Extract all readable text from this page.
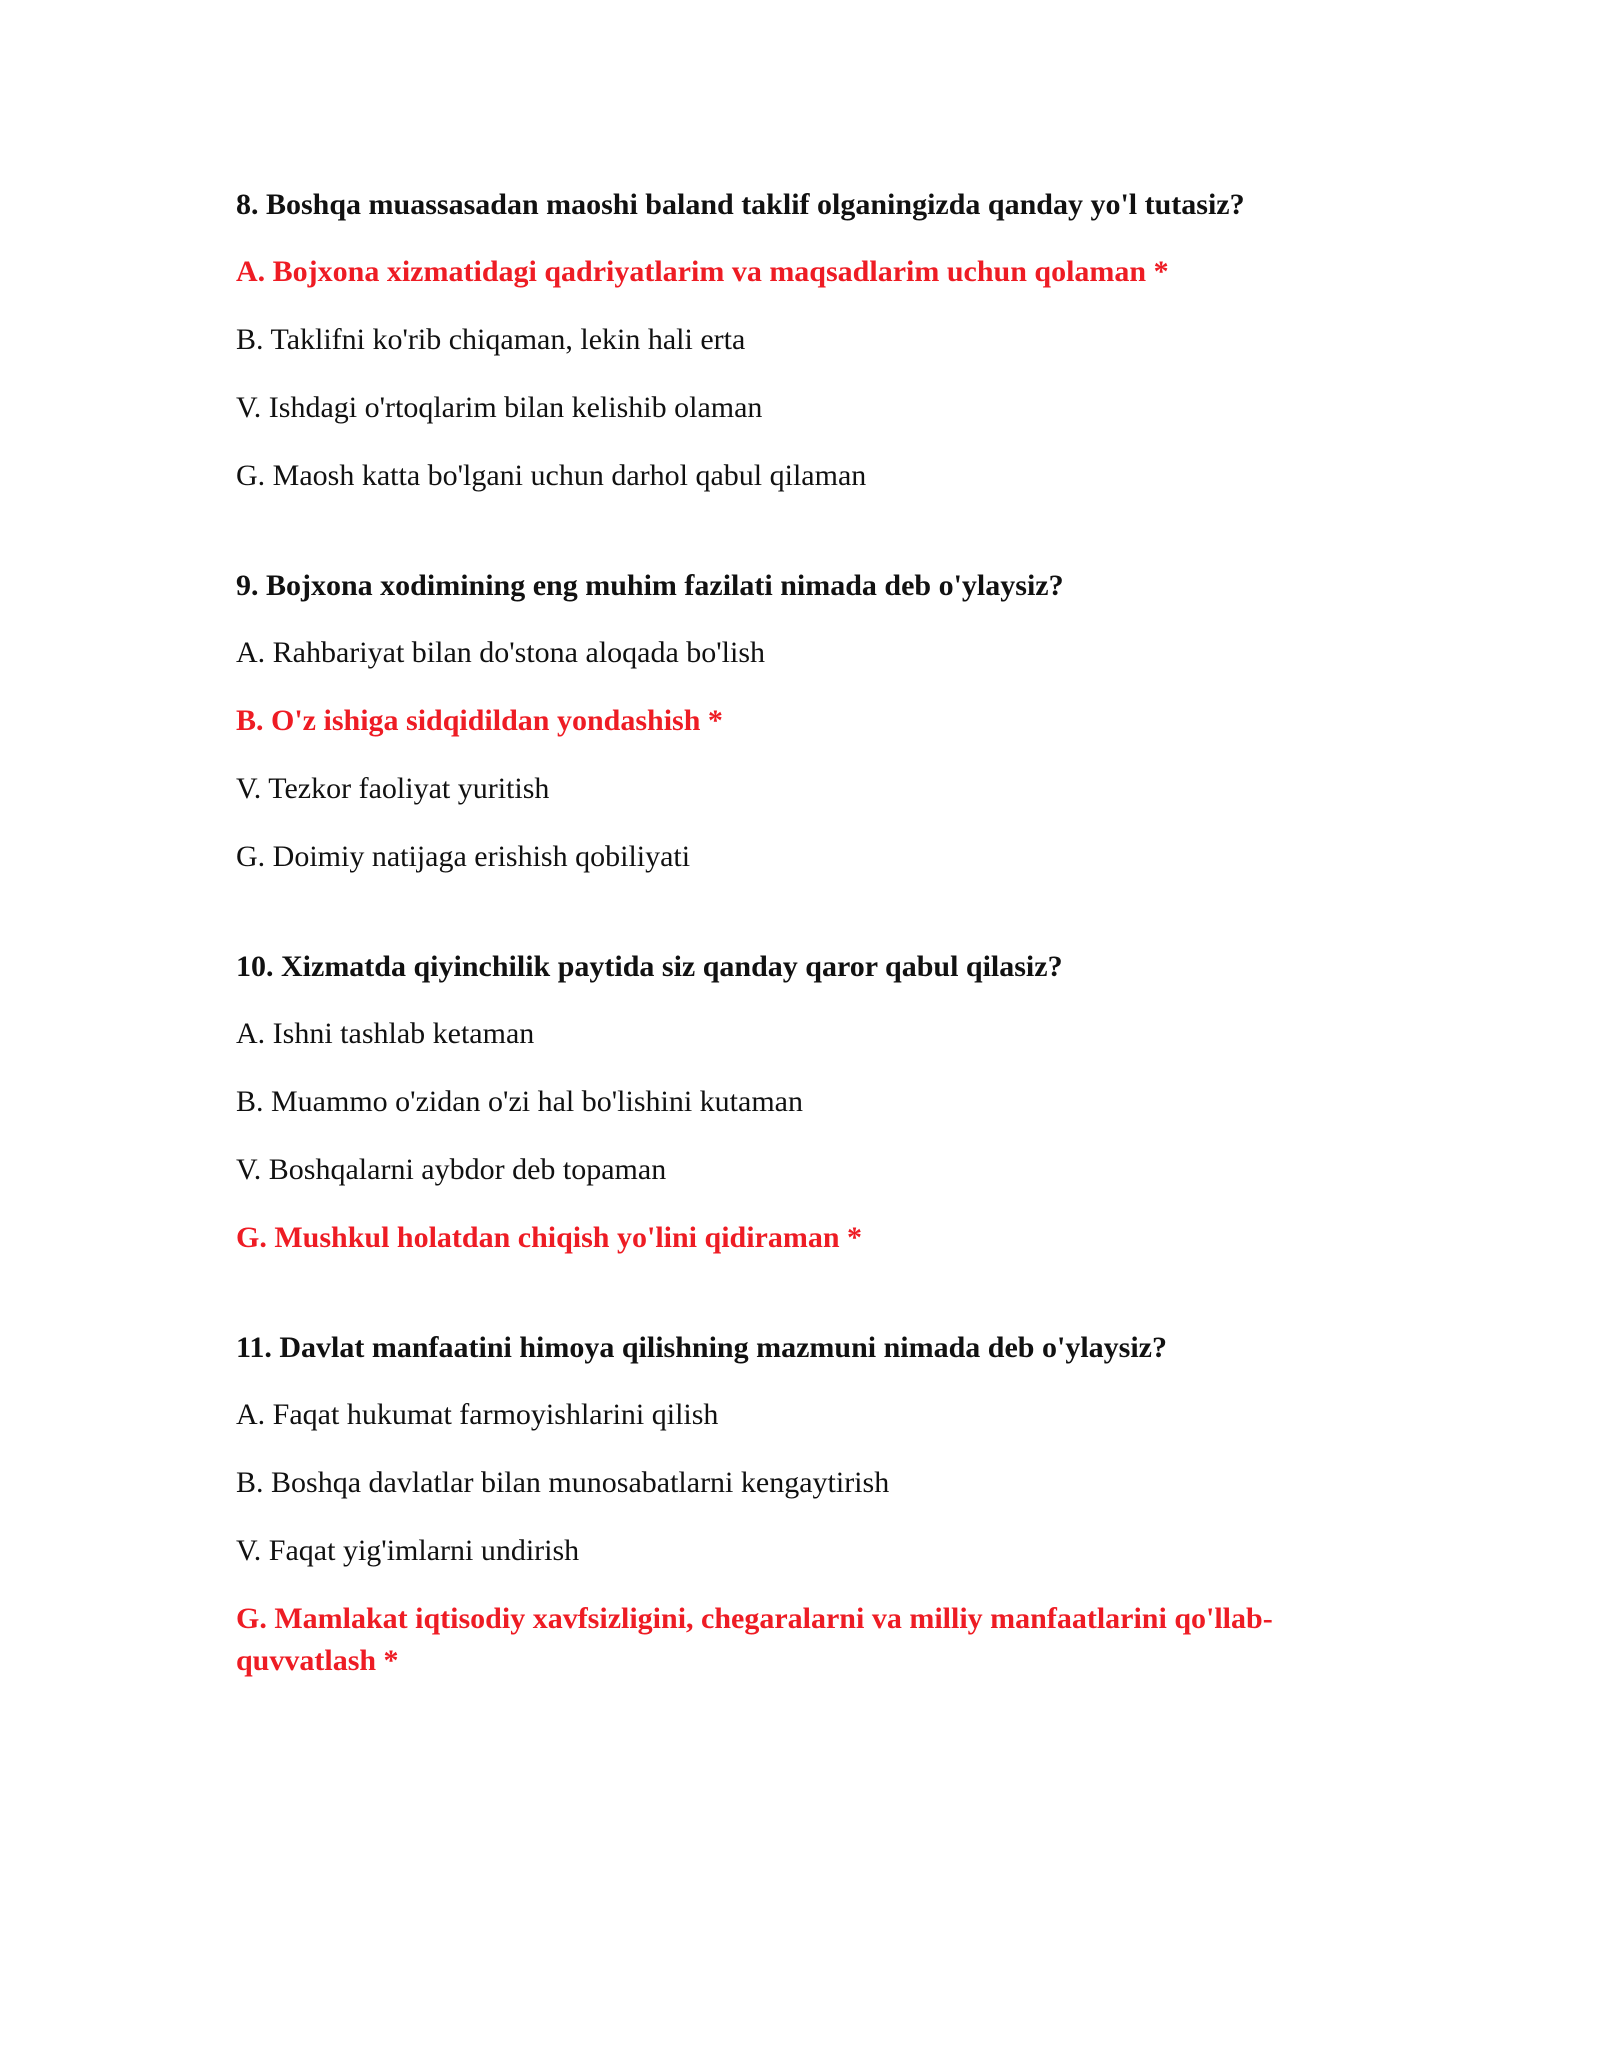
8. Boshqa muassasadan maoshi baland taklif olganingizda qanday yo'l tutasiz?
A. Bojxona xizmatidagi qadriyatlarim va maqsadlarim uchun qolaman *
B. Taklifni ko'rib chiqaman, lekin hali erta
V. Ishdagi o'rtoqlarim bilan kelishib olaman
G. Maosh katta bo'lgani uchun darhol qabul qilaman
9. Bojxona xodimining eng muhim fazilati nimada deb o'ylaysiz?
A. Rahbariyat bilan do'stona aloqada bo'lish
B. O'z ishiga sidqidildan yondashish *
V. Tezkor faoliyat yuritish
G. Doimiy natijaga erishish qobiliyati
10. Xizmatda qiyinchilik paytida siz qanday qaror qabul qilasiz?
A. Ishni tashlab ketaman
B. Muammo o'zidan o'zi hal bo'lishini kutaman
V. Boshqalarni aybdor deb topaman
G. Mushkul holatdan chiqish yo'lini qidiraman *
11. Davlat manfaatini himoya qilishning mazmuni nimada deb o'ylaysiz?
A. Faqat hukumat farmoyishlarini qilish
B. Boshqa davlatlar bilan munosabatlarni kengaytirish
V. Faqat yig'imlarni undirish
G. Mamlakat iqtisodiy xavfsizligini, chegaralarni va milliy manfaatlarini qo'llab-quvvatlash *
